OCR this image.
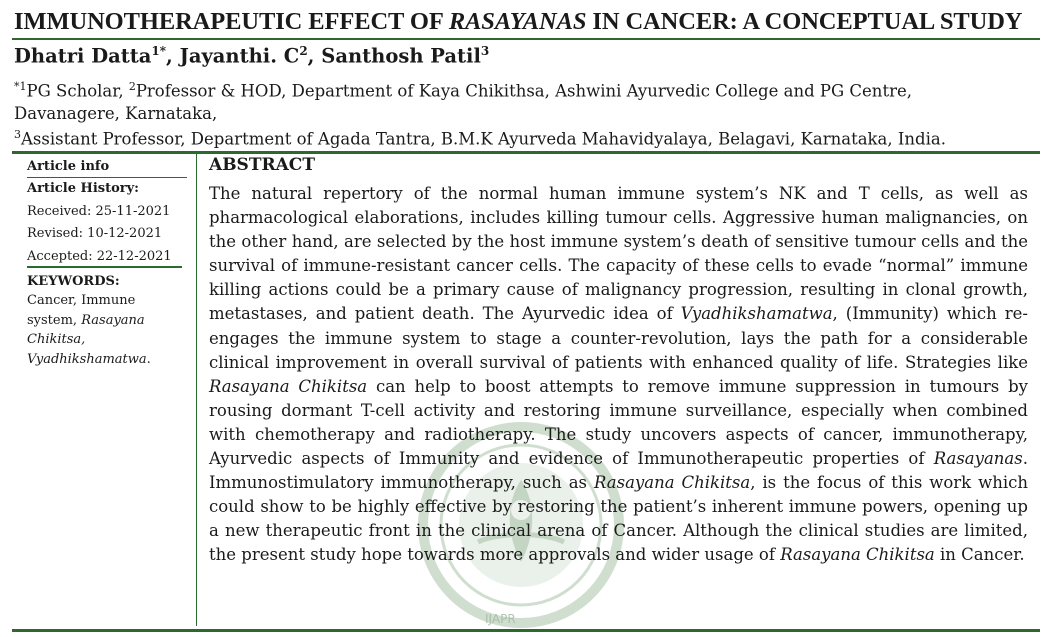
IMMUNOTHERAPEUTIC EFFECT OF RASAYANAS IN CANCER: A CONCEPTUAL STUDY
Dhatri Datta$^{1*}$, Jayanthi. $C^2$, Santhosh Patil$^3$
$^{*1}$PG Scholar, $^2$Professor & HOD, Department of Kaya Chikithsa, Ashwini Ayurvedic College and PG Centre,
Davanagere, Karnataka,
$^3$Assistant Professor, Department of Agada Tantra, B.M.K Ayurveda Mahavidyalaya, Belagavi, Karnataka, India.
Article info
Article History:
Received: 25-11-2021
Revised: 10-12-2021
Accepted: 22-12-2021
KEYWORDS:
Cancer, Immune system, Rasayana Chikitsa, Vyadhikshamatwa.
IJAPR
ABSTRACT
The natural repertory of the normal human immune system’s NK and T cells, as well as pharmacological elaborations, includes killing tumour cells. Aggressive human malignancies, on the other hand, are selected by the host immune system’s death of sensitive tumour cells and the survival of immune-resistant cancer cells. The capacity of these cells to evade “normal” immune killing actions could be a primary cause of malignancy progression, resulting in clonal growth, metastases, and patient death. The Ayurvedic idea of Vyadhikshamatwa, (Immunity) which re-engages the immune system to stage a counter-revolution, lays the path for a considerable clinical improvement in overall survival of patients with enhanced quality of life. Strategies like Rasayana Chikitsa can help to boost attempts to remove immune suppression in tumours by rousing dormant T-cell activity and restoring immune surveillance, especially when combined with chemotherapy and radiotherapy. The study uncovers aspects of cancer, immunotherapy, Ayurvedic aspects of Immunity and evidence of Immunotherapeutic properties of Rasayanas. Immunostimulatory immunotherapy, such as Rasayana Chikitsa, is the focus of this work which could show to be highly effective by restoring the patient’s inherent immune powers, opening up a new therapeutic front in the clinical arena of Cancer. Although the clinical studies are limited, the present study hope towards more approvals and wider usage of Rasayana Chikitsa in Cancer.
